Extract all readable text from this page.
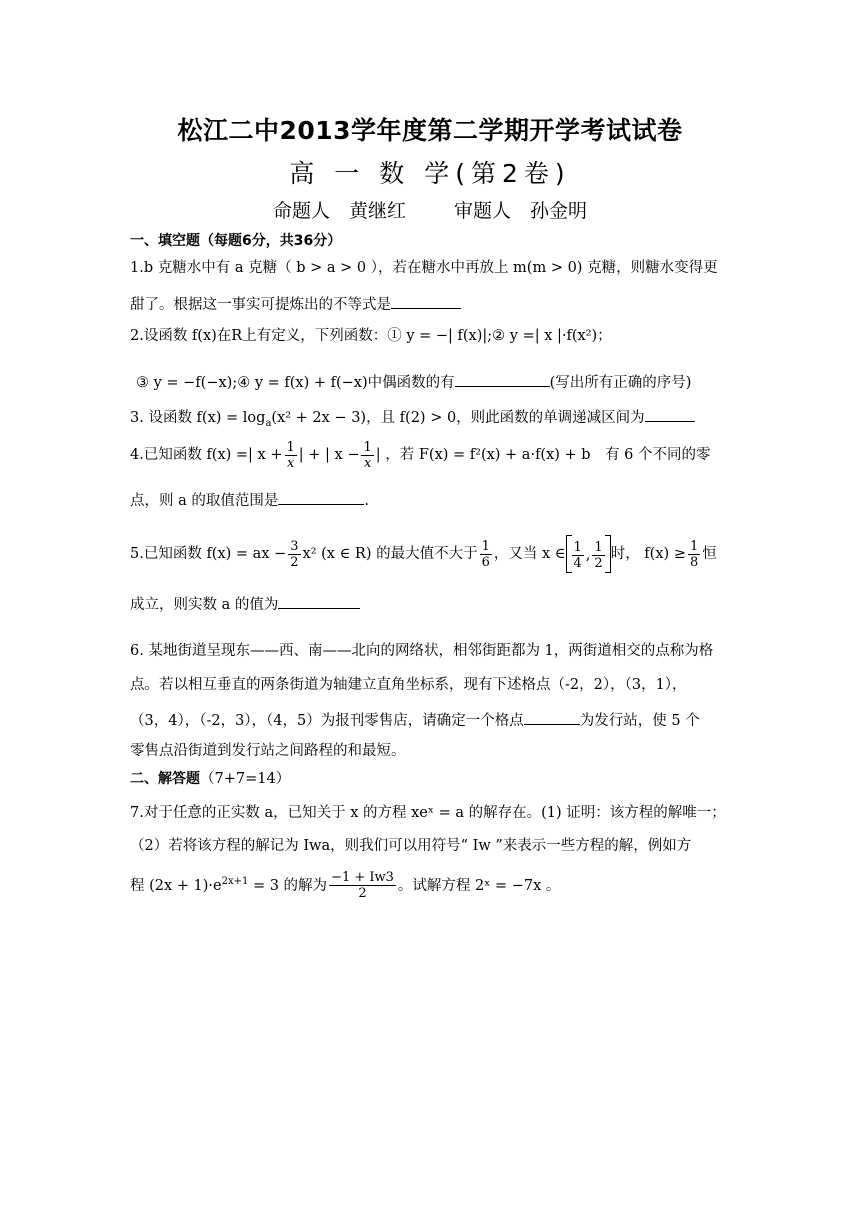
松江二中2013学年度第二学期开学考试试卷
高 一 数 学(第2卷)
命题人　黄继红	审题人　孙金明
一、填空题（每题6分，共36分）
1.b 克糖水中有 a 克糖（ b > a > 0 ），若在糖水中再放上 m(m > 0) 克糖，则糖水变得更
甜了。根据这一事实可提炼出的不等式是
2.设函数 f(x)在R上有定义，下列函数：① y = −| f(x)|;② y =| x |·f(x²)；
③ y = −f(−x);④ y = f(x) + f(−x)中偶函数的有	(写出所有正确的序号)
3. 设函数 $f(x) = \log_a(x^2 + 2x - 3)$，且 f(2) > 0，则此函数的单调递减区间为
4.已知函数 f(x) =| $x + \frac{1}{x}$ | + | $x - \frac{1}{x}$ | ，若 F(x) = f²(x) + a·f(x) + b　有 6 个不同的零
点，则 a 的取值范围是	.
5.已知函数 f(x) = ax − $\frac{3}{2} x^2$ (x ∈ R) 的最大值不大于 $\frac{1}{6}$ ，又当 x ∈ $\frac{1}{4}$ , $\frac{1}{2}$ 时， $f(x) \ge \frac{1}{8}$ 恒
成立，则实数 a 的值为
6. 某地街道呈现东——西、南——北向的网络状，相邻街距都为 1，两街道相交的点称为格
点。若以相互垂直的两条街道为轴建立直角坐标系，现有下述格点（-2，2），（3，1），
（3，4），（-2，3），（4，5）为报刊零售店，请确定一个格点	为发行站，使 5 个
零售点沿街道到发行站之间路程的和最短。
二、解答题（7+7=14）
7.对于任意的正实数 a，已知关于 x 的方程 xeˣ = a 的解存在。(1) 证明：该方程的解唯一；
（2）若将该方程的解记为 Iwa，则我们可以用符号“ Iw ”来表示一些方程的解，例如方
程 $(2x + 1)\cdot e^{2x+1} = 3$ 的解为 $\frac{-1 + Iw3}{2}$ 。试解方程 2ˣ = −7x 。
